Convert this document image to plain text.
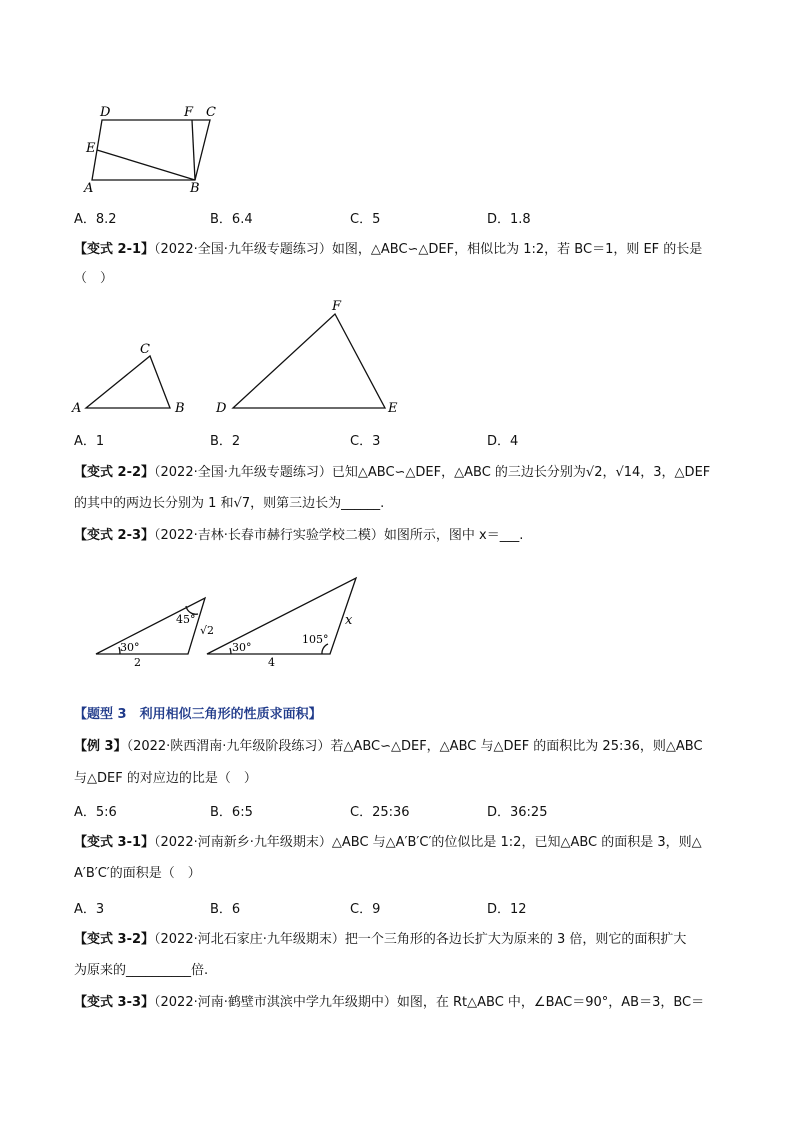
D	F C
E
A	B
A．8.2	B．6.4	C．5	D．1.8
【变式 2-1】（2022·全国·九年级专题练习）如图，△ABC∽△DEF，相似比为 1:2，若 BC＝1，则 EF 的长是
（　）
C
A	B
F
D	E
A．1	B．2	C．3	D．4
【变式 2-2】（2022·全国·九年级专题练习）已知△ABC∽△DEF，△ABC 的三边长分别为√2，√14，3，△DEF
的其中的两边长分别为 1 和√7，则第三边长为______.
【变式 2-3】（2022·吉林·长春市赫行实验学校二模）如图所示，图中 x＝___.
45°
√2
30°
2
105°
x
30°
4
【题型 3　利用相似三角形的性质求面积】
【例 3】（2022·陕西渭南·九年级阶段练习）若△ABC∽△DEF，△ABC 与△DEF 的面积比为 25:36，则△ABC
与△DEF 的对应边的比是（　）
A．5:6	B．6:5	C．25:36	D．36:25
【变式 3-1】（2022·河南新乡·九年级期末）△ABC 与△A′B′C′的位似比是 1:2，已知△ABC 的面积是 3，则△
A′B′C′的面积是（　）
A．3	B．6	C．9	D．12
【变式 3-2】（2022·河北石家庄·九年级期末）把一个三角形的各边长扩大为原来的 3 倍，则它的面积扩大
为原来的__________倍.
【变式 3-3】（2022·河南·鹤壁市淇滨中学九年级期中）如图，在 Rt△ABC 中，∠BAC＝90°，AB＝3，BC＝
